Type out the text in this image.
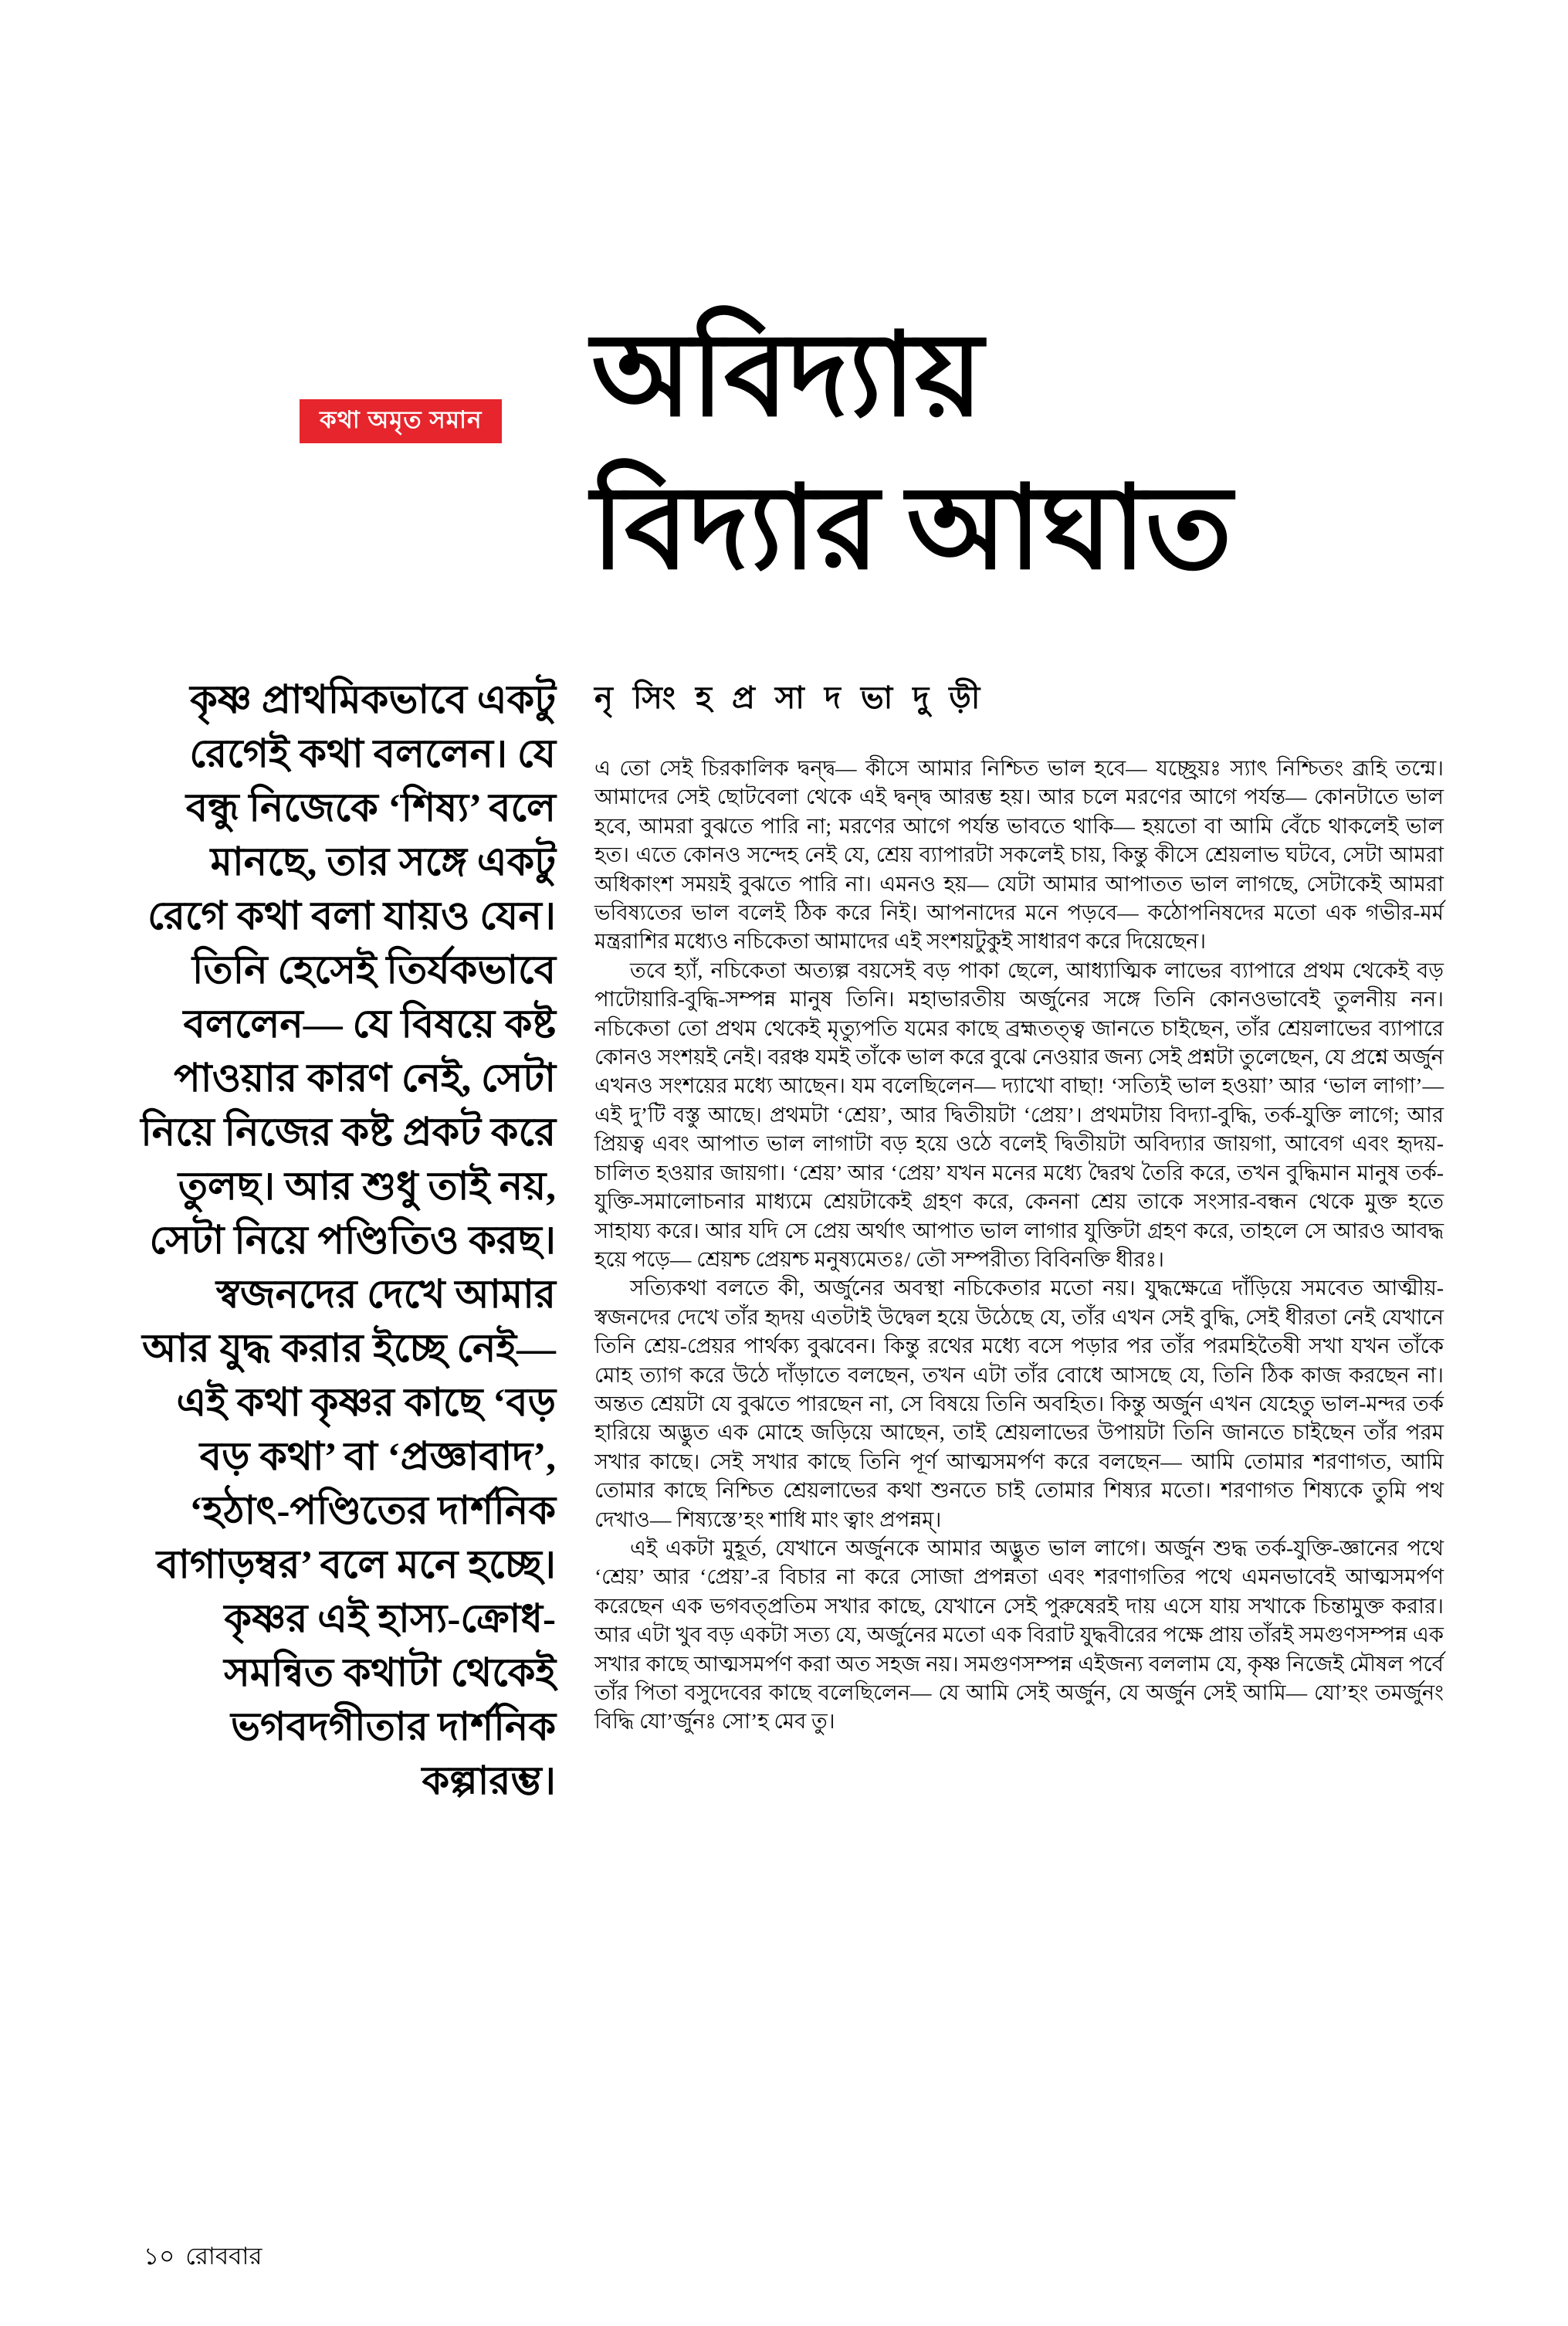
কথা অমৃত সমান অবিদ্যায়
বিদ্যার আঘাত
নৃ সিং হ প্র সা দ ভা দু ড়ী
কৃষ্ণ প্রাথমিকভাবে একটু রেগেই কথা বললেন। যে বন্ধু নিজেকে ‘শিষ্য’ বলে মানছে, তার সঙ্গে একটু রেগে কথা বলা যায়ও যেন। তিনি হেসেই তির্যকভাবে বললেন— যে বিষয়ে কষ্ট পাওয়ার কারণ নেই, সেটা নিয়ে নিজের কষ্ট প্রকট করে তুলছ। আর শুধু তাই নয়, সেটা নিয়ে পণ্ডিতিও করছ। স্বজনদের দেখে আমার আর যুদ্ধ করার ইচ্ছে নেই— এই কথা কৃষ্ণর কাছে ‘বড় বড় কথা’ বা ‘প্রজ্ঞাবাদ’, ‘হঠাৎ-পণ্ডিতের দার্শনিক বাগাড়ম্বর’ বলে মনে হচ্ছে। কৃষ্ণর এই হাস্য-ক্রোধ-সমন্বিত কথাটা থেকেই ভগবদগীতার দার্শনিক কল্পারম্ভ।

এ তো সেই চিরকালিক দ্বন্দ্ব— কীসে আমার নিশ্চিত ভাল হবে— যচ্ছ্রেয়ঃ স্যাৎ নিশ্চিতং ব্রূহি তন্মে। আমাদের সেই ছোটবেলা থেকে এই দ্বন্দ্ব আরম্ভ হয়। আর চলে মরণের আগে পর্যন্ত— কোনটাতে ভাল হবে, আমরা বুঝতে পারি না; মরণের আগে পর্যন্ত ভাবতে থাকি— হয়তো বা আমি বেঁচে থাকলেই ভাল হত। এতে কোনও সন্দেহ নেই যে, শ্রেয় ব্যাপারটা সকলেই চায়, কিন্তু কীসে শ্রেয়লাভ ঘটবে, সেটা আমরা অধিকাংশ সময়ই বুঝতে পারি না। এমনও হয়— যেটা আমার আপাতত ভাল লাগছে, সেটাকেই আমরা ভবিষ্যতের ভাল বলেই ঠিক করে নিই। আপনাদের মনে পড়বে— কঠোপনিষদের মতো এক গভীর-মর্ম মন্ত্ররাশির মধ্যেও নচিকেতা আমাদের এই সংশয়টুকুই সাধারণ করে দিয়েছেন।

তবে হ্যাঁ, নচিকেতা অত্যল্প বয়সেই বড় পাকা ছেলে, আধ্যাত্মিক লাভের ব্যাপারে প্রথম থেকেই বড় পাটোয়ারি-বুদ্ধি-সম্পন্ন মানুষ তিনি। মহাভারতীয় অর্জুনের সঙ্গে তিনি কোনওভাবেই তুলনীয় নন। নচিকেতা তো প্রথম থেকেই মৃত্যুপতি যমের কাছে ব্রহ্মতত্ত্ব জানতে চাইছেন, তাঁর শ্রেয়লাভের ব্যাপারে কোনও সংশয়ই নেই। বরঞ্চ যমই তাঁকে ভাল করে বুঝে নেওয়ার জন্য সেই প্রশ্নটা তুলেছেন, যে প্রশ্নে অর্জুন এখনও সংশয়ের মধ্যে আছেন। যম বলেছিলেন— দ্যাখো বাছা! ‘সত্যিই ভাল হওয়া’ আর ‘ভাল লাগা’— এই দু’টি বস্তু আছে। প্রথমটা ‘শ্রেয়’, আর দ্বিতীয়টা ‘প্রেয়’। প্রথমটায় বিদ্যা-বুদ্ধি, তর্ক-যুক্তি লাগে; আর প্রিয়ত্ব এবং আপাত ভাল লাগাটা বড় হয়ে ওঠে বলেই দ্বিতীয়টা অবিদ্যার জায়গা, আবেগ এবং হৃদয়-চালিত হওয়ার জায়গা। ‘শ্রেয়’ আর ‘প্রেয়’ যখন মনের মধ্যে দ্বৈরথ তৈরি করে, তখন বুদ্ধিমান মানুষ তর্ক-যুক্তি-সমালোচনার মাধ্যমে শ্রেয়টাকেই গ্রহণ করে, কেননা শ্রেয় তাকে সংসার-বন্ধন থেকে মুক্ত হতে সাহায্য করে। আর যদি সে প্রেয় অর্থাৎ আপাত ভাল লাগার যুক্তিটা গ্রহণ করে, তাহলে সে আরও আবদ্ধ হয়ে পড়ে— শ্রেয়শ্চ প্রেয়শ্চ মনুষ্যমেতঃ/ তৌ সম্পরীত্য বিবিনক্তি ধীরঃ।

সত্যিকথা বলতে কী, অর্জুনের অবস্থা নচিকেতার মতো নয়। যুদ্ধক্ষেত্রে দাঁড়িয়ে সমবেত আত্মীয়-স্বজনদের দেখে তাঁর হৃদয় এতটাই উদ্বেল হয়ে উঠেছে যে, তাঁর এখন সেই বুদ্ধি, সেই ধীরতা নেই যেখানে তিনি শ্রেয়-প্রেয়র পার্থক্য বুঝবেন। কিন্তু রথের মধ্যে বসে পড়ার পর তাঁর পরমহিতৈষী সখা যখন তাঁকে মোহ ত্যাগ করে উঠে দাঁড়াতে বলছেন, তখন এটা তাঁর বোধে আসছে যে, তিনি ঠিক কাজ করছেন না। অন্তত শ্রেয়টা যে বুঝতে পারছেন না, সে বিষয়ে তিনি অবহিত। কিন্তু অর্জুন এখন যেহেতু ভাল-মন্দর তর্ক হারিয়ে অদ্ভুত এক মোহে জড়িয়ে আছেন, তাই শ্রেয়লাভের উপায়টা তিনি জানতে চাইছেন তাঁর পরম সখার কাছে। সেই সখার কাছে তিনি পূর্ণ আত্মসমর্পণ করে বলছেন— আমি তোমার শরণাগত, আমি তোমার কাছে নিশ্চিত শ্রেয়লাভের কথা শুনতে চাই তোমার শিষ্যর মতো। শরণাগত শিষ্যকে তুমি পথ দেখাও— শিষ্যস্তে’হং শাধি মাং ত্বাং প্রপন্নম্।

এই একটা মুহূর্ত, যেখানে অর্জুনকে আমার অদ্ভুত ভাল লাগে। অর্জুন শুদ্ধ তর্ক-যুক্তি-জ্ঞানের পথে ‘শ্রেয়’ আর ‘প্রেয়’-র বিচার না করে সোজা প্রপন্নতা এবং শরণাগতির পথে এমনভাবেই আত্মসমর্পণ করেছেন এক ভগবত্প্রতিম সখার কাছে, যেখানে সেই পুরুষেরই দায় এসে যায় সখাকে চিন্তামুক্ত করার। আর এটা খুব বড় একটা সত্য যে, অর্জুনের মতো এক বিরাট যুদ্ধবীরের পক্ষে প্রায় তাঁরই সমগুণসম্পন্ন এক সখার কাছে আত্মসমর্পণ করা অত সহজ নয়। সমগুণসম্পন্ন এইজন্য বললাম যে, কৃষ্ণ নিজেই মৌষল পর্বে তাঁর পিতা বসুদেবের কাছে বলেছিলেন— যে আমি সেই অর্জুন, যে অর্জুন সেই আমি— যো’হং তমর্জুনং বিদ্ধি যো’র্জুনঃ সো’হ মেব তু।

১০ রোববার
